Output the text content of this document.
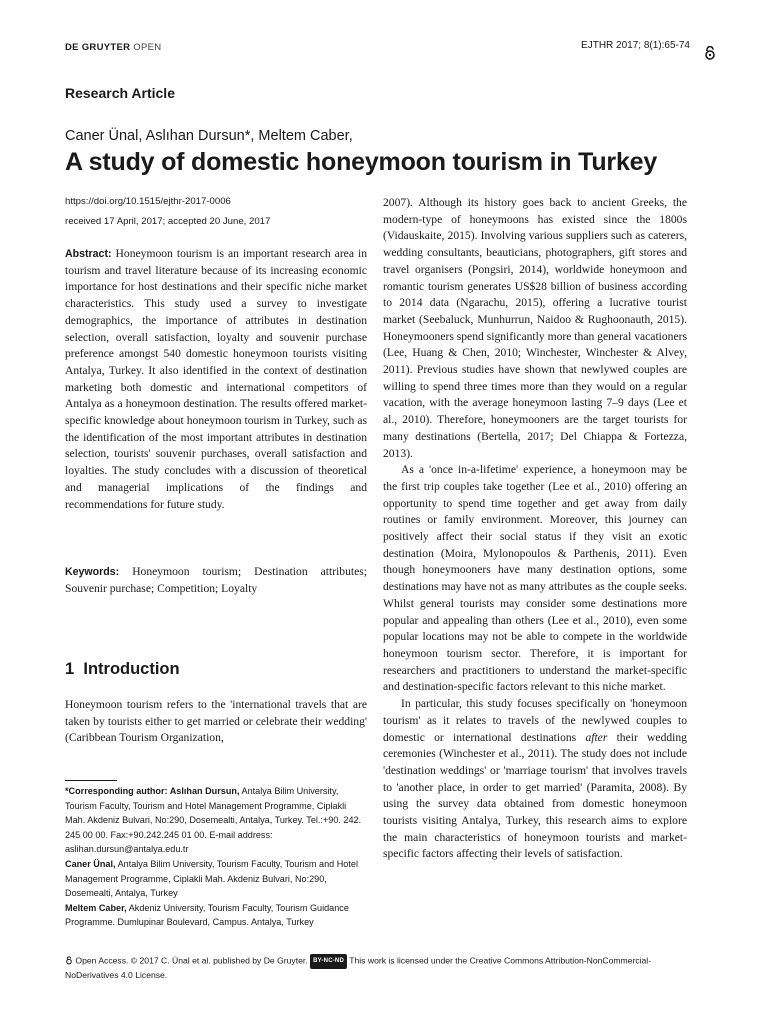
DE GRUYTER OPEN	EJTHR 2017; 8(1):65-74
Research Article
Caner Ünal, Aslıhan Dursun*, Meltem Caber,
A study of domestic honeymoon tourism in Turkey
https://doi.org/10.1515/ejthr-2017-0006
received 17 April, 2017; accepted 20 June, 2017

Abstract: Honeymoon tourism is an important research area in tourism and travel literature because of its increasing economic importance for host destinations and their specific niche market characteristics. This study used a survey to investigate demographics, the importance of attributes in destination selection, overall satisfaction, loyalty and souvenir purchase preference amongst 540 domestic honeymoon tourists visiting Antalya, Turkey. It also identified in the context of destination marketing both domestic and international competitors of Antalya as a honeymoon destination. The results offered market-specific knowledge about honeymoon tourism in Turkey, such as the identification of the most important attributes in destination selection, tourists' souvenir purchases, overall satisfaction and loyalties. The study concludes with a discussion of theoretical and managerial implications of the findings and recommendations for future study.

Keywords: Honeymoon tourism; Destination attributes; Souvenir purchase; Competition; Loyalty

1 Introduction

Honeymoon tourism refers to the 'international travels that are taken by tourists either to get married or celebrate their wedding' (Caribbean Tourism Organization,

*Corresponding author: Aslıhan Dursun, Antalya Bilim University, Tourism Faculty, Tourism and Hotel Management Programme, Ciplakli Mah. Akdeniz Bulvari, No:290, Dosemealti, Antalya, Turkey. Tel.:+90. 242. 245 00 00. Fax:+90.242.245 01 00. E-mail address: aslihan.dursun@antalya.edu.tr

Caner Ünal, Antalya Bilim University, Tourism Faculty, Tourism and Hotel Management Programme, Ciplakli Mah. Akdeniz Bulvari, No:290, Dosemealti, Antalya, Turkey

Meltem Caber, Akdeniz University, Tourism Faculty, Tourism Guidance Programme. Dumlupinar Boulevard, Campus. Antalya, Turkey

2007). Although its history goes back to ancient Greeks, the modern-type of honeymoons has existed since the 1800s (Vidauskaite, 2015). Involving various suppliers such as caterers, wedding consultants, beauticians, photographers, gift stores and travel organisers (Pongsiri, 2014), worldwide honeymoon and romantic tourism generates US$28 billion of business according to 2014 data (Ngarachu, 2015), offering a lucrative tourist market (Seebaluck, Munhurrun, Naidoo & Rughoonauth, 2015). Honeymooners spend significantly more than general vacationers (Lee, Huang & Chen, 2010; Winchester, Winchester & Alvey, 2011). Previous studies have shown that newlywed couples are willing to spend three times more than they would on a regular vacation, with the average honeymoon lasting 7–9 days (Lee et al., 2010). Therefore, honeymooners are the target tourists for many destinations (Bertella, 2017; Del Chiappa & Fortezza, 2013).

As a 'once in-a-lifetime' experience, a honeymoon may be the first trip couples take together (Lee et al., 2010) offering an opportunity to spend time together and get away from daily routines or family environment. Moreover, this journey can positively affect their social status if they visit an exotic destination (Moira, Mylonopoulos & Parthenis, 2011). Even though honeymooners have many destination options, some destinations may have not as many attributes as the couple seeks. Whilst general tourists may consider some destinations more popular and appealing than others (Lee et al., 2010), even some popular locations may not be able to compete in the worldwide honeymoon tourism sector. Therefore, it is important for researchers and practitioners to understand the market-specific and destination-specific factors relevant to this niche market.

In particular, this study focuses specifically on 'honeymoon tourism' as it relates to travels of the newlywed couples to domestic or international destinations after their wedding ceremonies (Winchester et al., 2011). The study does not include 'destination weddings' or 'marriage tourism' that involves travels to 'another place, in order to get married' (Paramita, 2008). By using the survey data obtained from domestic honeymoon tourists visiting Antalya, Turkey, this research aims to explore the main characteristics of honeymoon tourists and market-specific factors affecting their levels of satisfaction.

Open Access. © 2017 C. Ünal et al. published by De Gruyter. BY-NC-ND This work is licensed under the Creative Commons Attribution-NonCommercial-NoDerivatives 4.0 License.
